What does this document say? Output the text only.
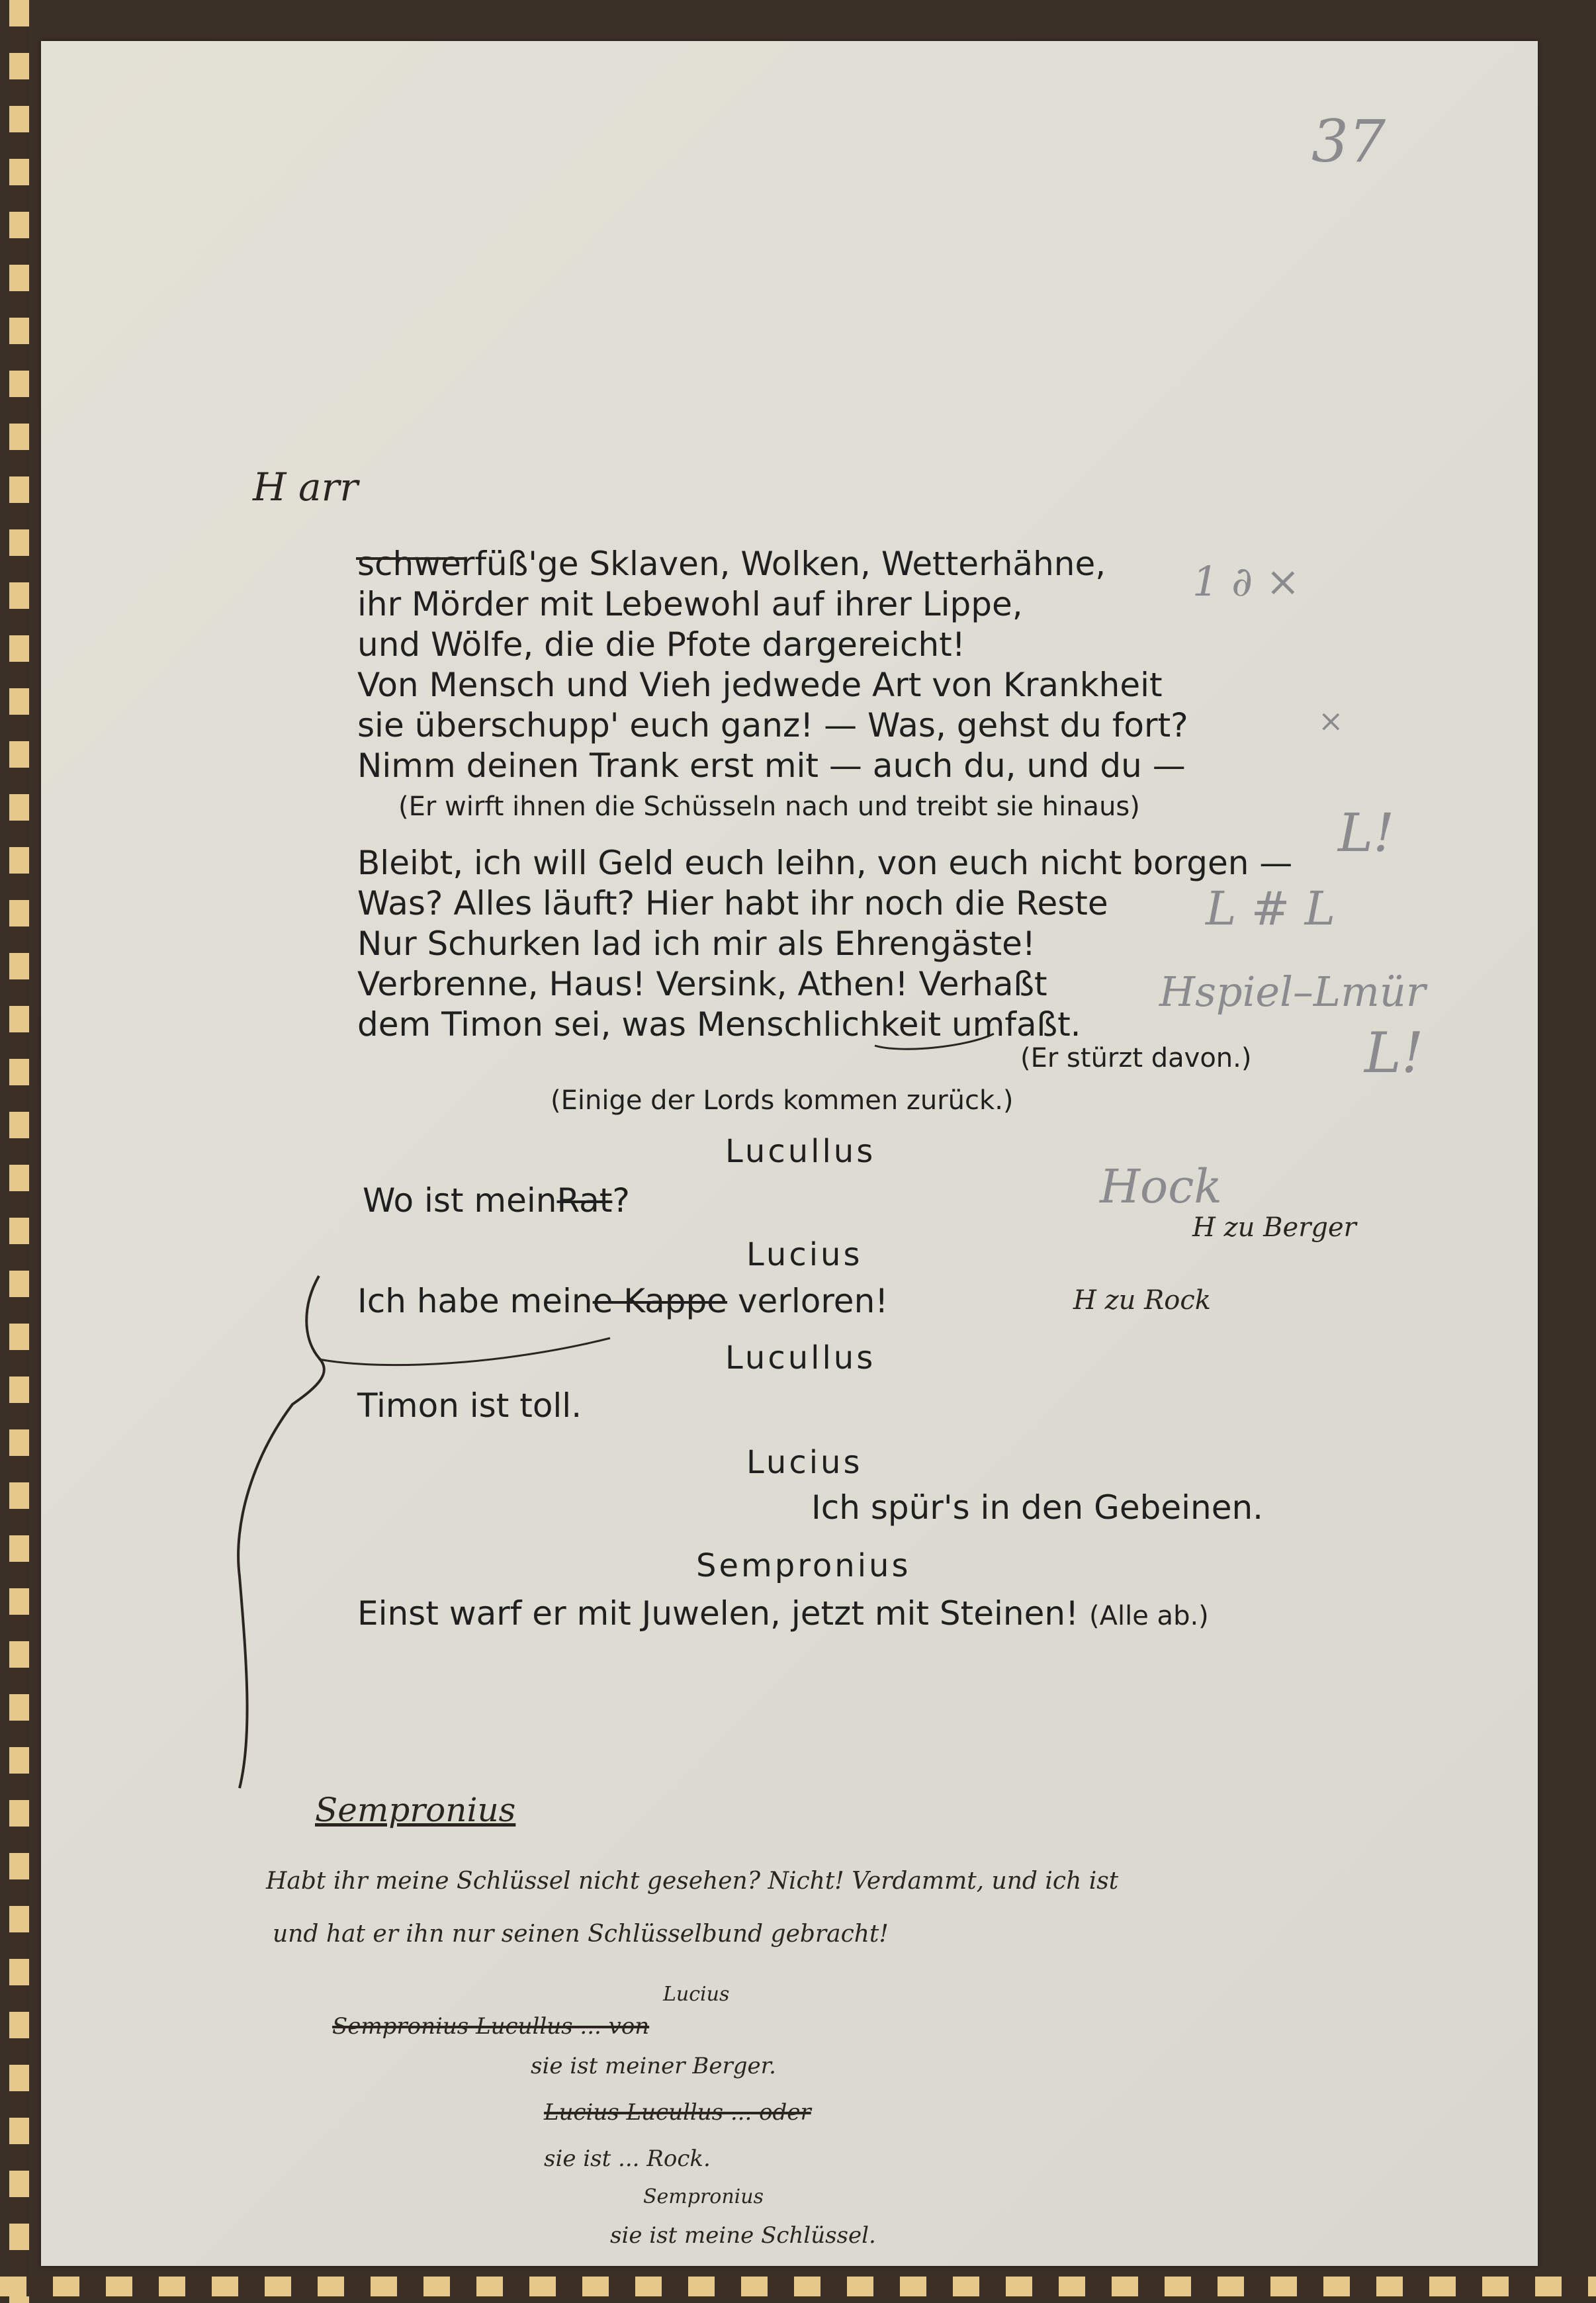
37
H arr
schwerfüß'ge Sklaven, Wolken, Wetterhähne,
ihr Mörder mit Lebewohl auf ihrer Lippe,
und Wölfe, die die Pfote dargereicht!
Von Mensch und Vieh jedwede Art von Krankheit
sie überschupp' euch ganz! — Was, gehst du fort?
Nimm deinen Trank erst mit — auch du, und du —
(Er wirft ihnen die Schüsseln nach und treibt sie hinaus)
Bleibt, ich will Geld euch leihn, von euch nicht borgen —
Was? Alles läuft? Hier habt ihr noch die Reste
Nur Schurken lad ich mir als Ehrengäste!
Verbrenne, Haus! Versink, Athen! Verhaßt
dem Timon sei, was Menschlichkeit umfaßt.
(Er stürzt davon.)
(Einige der Lords kommen zurück.)
Lucullus
Wo ist meinRat?
Lucius
Ich habe meine Kappe verloren!
Lucullus
Timon ist toll.
Lucius
Ich spür's in den Gebeinen.
Sempronius
Einst warf er mit Juwelen, jetzt mit Steinen! (Alle ab.)
1 ∂ ×
×
L!
L # L
Hspiel–Lmür
L!
Hock
H zu Berger
H zu Rock
Sempronius
Habt ihr meine Schlüssel nicht gesehen? Nicht! Verdammt, und ich ist
und hat er ihn nur seinen Schlüsselbund gebracht!
Lucius
Sempronius Lucullus ... von
sie ist meiner Berger.
Lucius Lucullus ... oder
sie ist ... Rock.
Sempronius
sie ist meine Schlüssel.
